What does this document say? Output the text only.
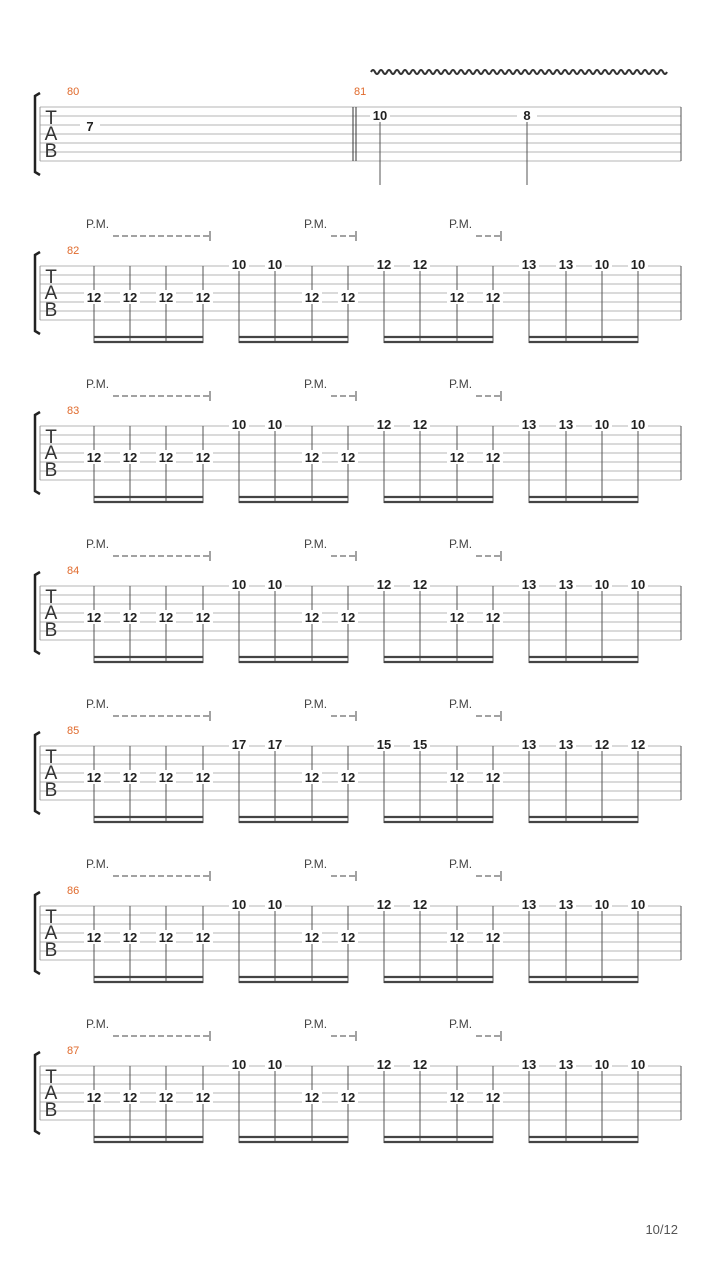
T
A
B
80	81
7
10	8
T
A
B
82
P.M.	P.M.	P.M.
12 12 12 12
10 10
12 12
12 12
12 12
13 13 10 10
T
A
B
83
P.M.	P.M.	P.M.
12 12 12 12
10 10
12 12
12 12
12 12
13 13 10 10
T
A
B
84
P.M.	P.M.	P.M.
12 12 12 12
10 10
12 12
12 12
12 12
13 13 10 10
T
A
B
85
P.M.	P.M.	P.M.
12 12 12 12
17 17
12 12
15 15
12 12
13 13 12 12
T
A
B
86
P.M.	P.M.	P.M.
12 12 12 12
10 10
12 12
12 12
12 12
13 13 10 10
T
A
B
87
P.M.	P.M.	P.M.
12 12 12 12
10 10
12 12
12 12
12 12
13 13 10 10
10/12
